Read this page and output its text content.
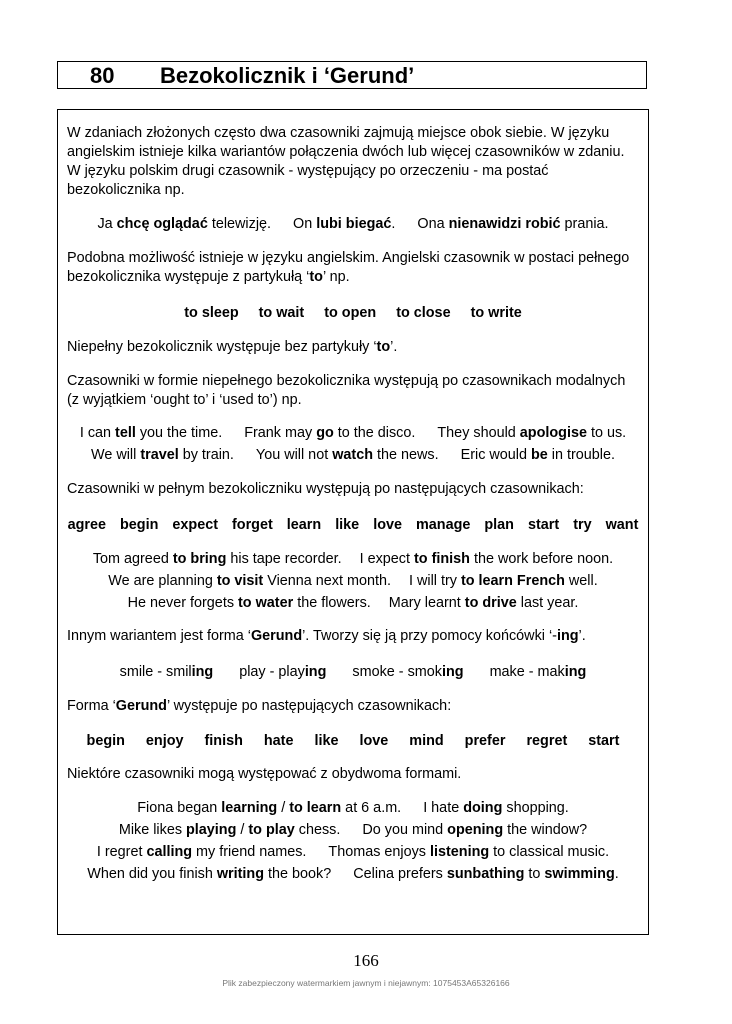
80 Bezokolicznik i ‘Gerund’
W zdaniach złożonych często dwa czasowniki zajmują miejsce obok siebie. W języku angielskim istnieje kilka wariantów połączenia dwóch lub więcej czasowników w zdaniu. W języku polskim drugi czasownik - występujący po orzeczeniu - ma postać bezokolicznika np.
Ja chcę oglądać telewizję. On lubi biegać. Ona nienawidzi robić prania.
Podobna możliwość istnieje w języku angielskim. Angielski czasownik w postaci pełnego bezokolicznika występuje z partykułą ‘to’ np.
to sleep to wait to open to close to write
Niepełny bezokolicznik występuje bez partykuły ‘to’.
Czasowniki w formie niepełnego bezokolicznika występują po czasownikach modalnych (z wyjątkiem ‘ought to’ i ‘used to’) np.
I can tell you the time. Frank may go to the disco. They should apologise to us.
We will travel by train. You will not watch the news. Eric would be in trouble.
Czasowniki w pełnym bezokoliczniku występują po następujących czasownikach:
agree begin expect forget learn like love manage plan start try want
Tom agreed to bring his tape recorder. I expect to finish the work before noon.
We are planning to visit Vienna next month. I will try to learn French well.
He never forgets to water the flowers. Mary learnt to drive last year.
Innym wariantem jest forma ‘Gerund’. Tworzy się ją przy pomocy końcówki ‘-ing’.
smile - smiling play - playing smoke - smoking make - making
Forma ‘Gerund’ występuje po następujących czasownikach:
begin enjoy finish hate like love mind prefer regret start
Niektóre czasowniki mogą występować z obydwoma formami.
Fiona began learning / to learn at 6 a.m. I hate doing shopping.
Mike likes playing / to play chess. Do you mind opening the window?
I regret calling my friend names. Thomas enjoys listening to classical music.
When did you finish writing the book? Celina prefers sunbathing to swimming.
166
Plik zabezpieczony watermarkiem jawnym i niejawnym: 1075453A65326166
